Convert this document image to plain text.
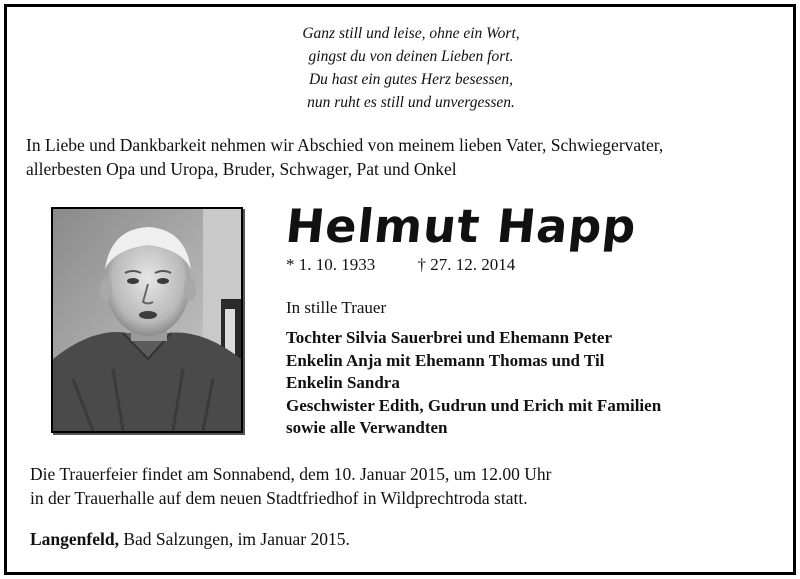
Ganz still und leise, ohne ein Wort,
gingst du von deinen Lieben fort.
Du hast ein gutes Herz besessen,
nun ruht es still und unvergessen.
In Liebe und Dankbarkeit nehmen wir Abschied von meinem lieben Vater, Schwiegervater,
allerbesten Opa und Uropa, Bruder, Schwager, Pat und Onkel
Helmut Happ
* 1. 10. 1933 † 27. 12. 2014
In stille Trauer
Tochter Silvia Sauerbrei und Ehemann Peter
Enkelin Anja mit Ehemann Thomas und Til
Enkelin Sandra
Geschwister Edith, Gudrun und Erich mit Familien
sowie alle Verwandten
Die Trauerfeier findet am Sonnabend, dem 10. Januar 2015, um 12.00 Uhr
in der Trauerhalle auf dem neuen Stadtfriedhof in Wildprechtroda statt.
Langenfeld, Bad Salzungen, im Januar 2015.
